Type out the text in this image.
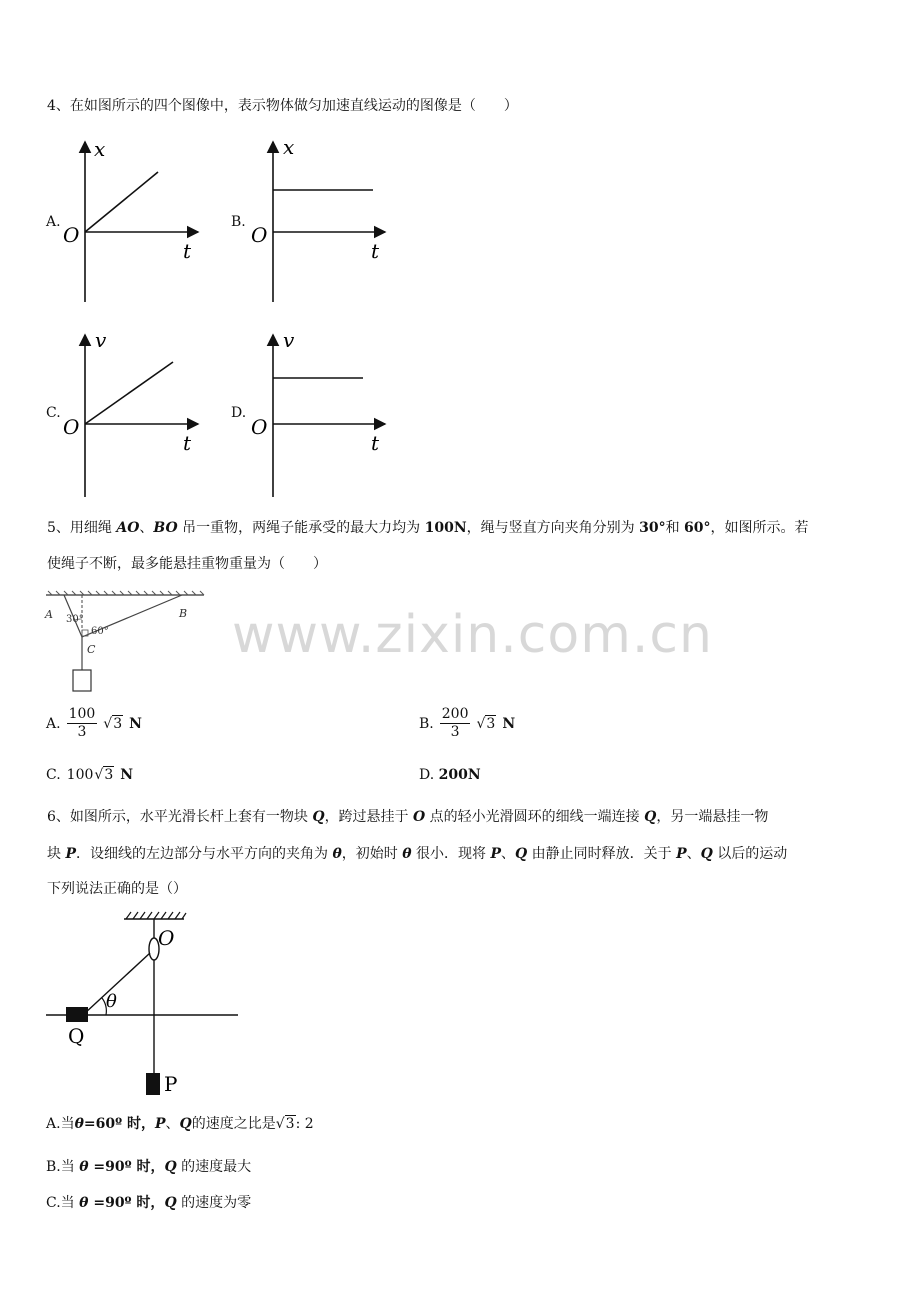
www.zixin.com.cn
4、在如图所示的四个图像中，表示物体做匀加速直线运动的图像是（　　）
A.
x
O
t
B.
x
O
t
C.
v
O
t
D.
v
O
t
5、用细绳 AO、BO 吊一重物，两绳子能承受的最大力均为 100N，绳与竖直方向夹角分别为 30°和 60°，如图所示。若
使绳子不断，最多能悬挂重物重量为（　　）
A	B
C
30°
60°
A. $\frac{100}{3} √3$ N	B. $\frac{200}{3} √3$ N
C. 100 √3 N	D. 200N
6、如图所示，水平光滑长杆上套有一物块 Q，跨过悬挂于 O 点的轻小光滑圆环的细线一端连接 Q，另一端悬挂一物
块 P．设细线的左边部分与水平方向的夹角为 θ，初始时 θ 很小．现将 P、Q 由静止同时释放．关于 P、Q 以后的运动
下列说法正确的是（）
O
θ
Q
P
A. 当 θ =60º 时， P 、 Q 的速度之比是 √3 : 2
B.当 θ =90º 时，Q 的速度最大
C.当 θ =90º 时，Q 的速度为零
